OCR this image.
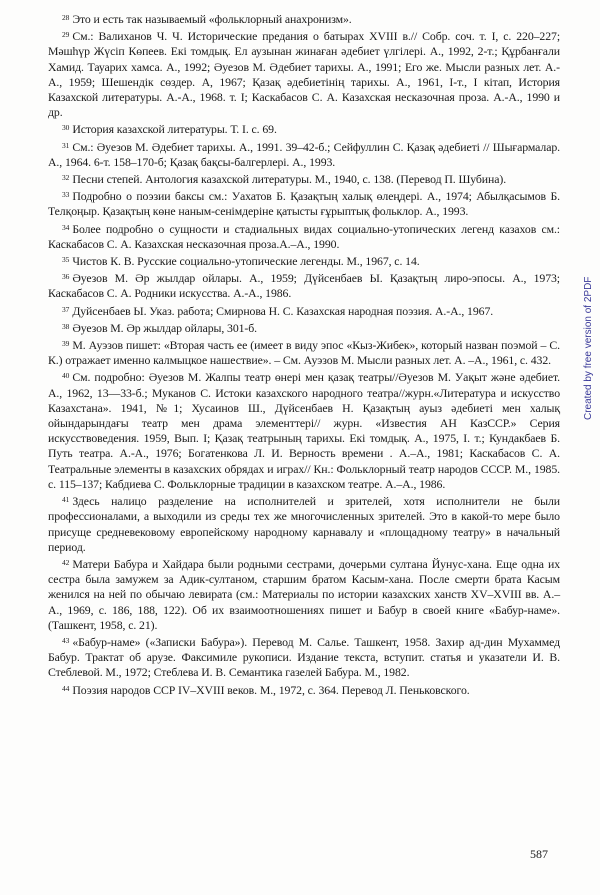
$^{28}$ Это и есть так называемый «фольклорный анахронизм».

$^{29}$ См.: Валиханов Ч. Ч. Исторические предания о батырах XVIII в.// Собр. соч. т. I, с. 220–227; Мәшһүр Жүсіп Көпеев. Екі томдық. Ел аузынан жинаған әдебиет үлгілері. А., 1992, 2-т.; Құрбанғали Хамид. Тауарих хамса. А., 1992; Әуезов М. Әдебиет тарихы. А., 1991; Его же. Мысли разных лет. А.-А., 1959; Шешендік сөздер. А, 1967; Қазақ әдебиетінің тарихы. А., 1961, І-т., І кітап, История Казахской литературы. А.-А., 1968. т. I; Каскабасов С. А. Казахская несказочная проза. А.-А., 1990 и др.

$^{30}$ История казахской литературы. Т. I. с. 69.

$^{31}$ См.: Әуезов М. Әдебиет тарихы. А., 1991. 39–42-б.; Сейфуллин С. Қазақ әдебиеті // Шығармалар. А., 1964. 6-т. 158–170-б; Қазақ бақсы-балгерлері. А., 1993.

$^{32}$ Песни степей. Антология казахской литературы. М., 1940, с. 138. (Перевод П. Шубина).

$^{33}$ Подробно о поэзии баксы см.: Уахатов Б. Қазақтың халық өлеңдері. А., 1974; Абылқасымов Б. Телқоңыр. Қазақтың көне наным-сенімдеріне қатысты ғұрыптық фольклор. А., 1993.

$^{34}$ Более подробно о сущности и стадиальных видах социально-утопических легенд казахов см.: Каскабасов С. А. Казахская несказочная проза.А.–А., 1990.

$^{35}$ Чистов К. В. Русские социально-утопические легенды. М., 1967, с. 14.

$^{36}$ Әуезов М. Әр жылдар ойлары. А., 1959; Дүйсенбаев Ы. Қазақтың лиро-эпосы. А., 1973; Каскабасов С. А. Родники искусства. А.-А., 1986.

$^{37}$ Дуйсенбаев Ы. Указ. работа; Смирнова Н. С. Казахская народная поэзия. А.-А., 1967.

$^{38}$ Әуезов М. Әр жылдар ойлары, 301-б.

$^{39}$ М. Ауэзов пишет: «Вторая часть ее (имеет в виду эпос «Кыз-Жибек», который назван поэмой – С. К.) отражает именно калмыцкое нашествие». – См. Ауэзов М. Мысли разных лет. А. –А., 1961, с. 432.

$^{40}$ См. подробно: Әуезов М. Жалпы театр өнері мен қазақ театры//Әуезов М. Уақыт және әдебиет. А., 1962, 13—33-б.; Муканов С. Истоки казахского народного театра//журн.«Литература и искусство Казахстана». 1941, №1; Хусаинов Ш., Дүйсенбаев Н. Қазақтың ауыз әдебиеті мен халық ойындарындағы театр мен драма элементтері// журн. «Известия АН КазССР.» Серия искусствоведения. 1959, Вып. I; Қазақ театрының тарихы. Екі томдық. А., 1975, I. т.; Кундакбаев Б. Путь театра. А.-А., 1976; Богатенкова Л. И. Верность времени . А.–А., 1981; Каскабасов С. А. Театральные элементы в казахских обрядах и играх// Кн.: Фольклорный театр народов СССР. М., 1985. с. 115–137; Кабдиева С. Фольклорные традиции в казахском театре. А.–А., 1986.

$^{41}$ Здесь налицо разделение на исполнителей и зрителей, хотя исполнители не были профессионалами, а выходили из среды тех же многочисленных зрителей. Это в какой-то мере было присуще средневековому европейскому народному карнавалу и «площадному театру» в начальный период.

$^{42}$ Матери Бабура и Хайдара были родными сестрами, дочерьми султана Йунус-хана. Еще одна их сестра была замужем за Адик-султаном, старшим братом Касым-хана. После смерти брата Касым женился на ней по обычаю левирата (см.: Материалы по истории казахских ханств XV–XVIII вв. А.–А., 1969, с. 186, 188, 122). Об их взаимоотношениях пишет и Бабур в своей книге «Бабур-наме». (Ташкент, 1958, с. 21).

$^{43}$ «Бабур-наме» («Записки Бабура»). Перевод М. Салье. Ташкент, 1958. Захир ад-дин Мухаммед Бабур. Трактат об арузе. Факсимиле рукописи. Издание текста, вступит. статья и указатели И. В. Стеблевой. М., 1972; Стеблева И. В. Семантика газелей Бабура. М., 1982.

$^{44}$ Поэзия народов ССР IV–XVIII веков. М., 1972, с. 364. Перевод Л. Пеньковского.

Created by free version of 2PDF
587
